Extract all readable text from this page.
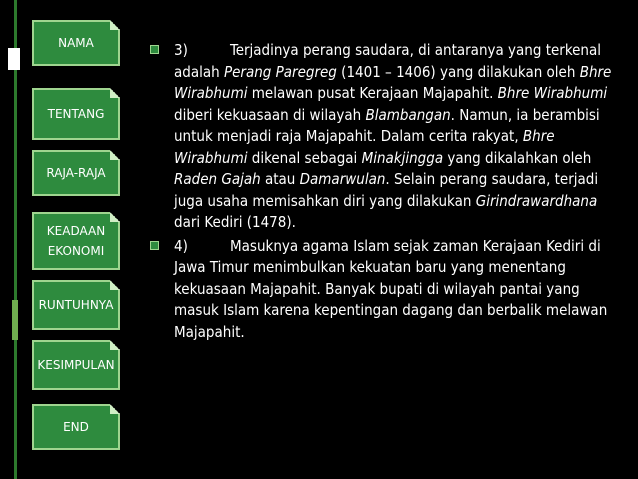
NAMA
TENTANG
RAJA-RAJA
KEADAAN EKONOMI
RUNTUHNYA
KESIMPULAN
END

3)	Terjadinya perang saudara, di antaranya yang terkenal adalah Perang Paregreg (1401 – 1406) yang dilakukan oleh Bhre Wirabhumi melawan pusat Kerajaan Majapahit. Bhre Wirabhumi diberi kekuasaan di wilayah Blambangan. Namun, ia berambisi untuk menjadi raja Majapahit. Dalam cerita rakyat, Bhre Wirabhumi dikenal sebagai Minakjingga yang dikalahkan oleh Raden Gajah atau Damarwulan. Selain perang saudara, terjadi juga usaha memisahkan diri yang dilakukan Girindrawardhana dari Kediri (1478).

4)	Masuknya agama Islam sejak zaman Kerajaan Kediri di Jawa Timur menimbulkan kekuatan baru yang menentang kekuasaan Majapahit. Banyak bupati di wilayah pantai yang masuk Islam karena kepentingan dagang dan berbalik melawan Majapahit.
